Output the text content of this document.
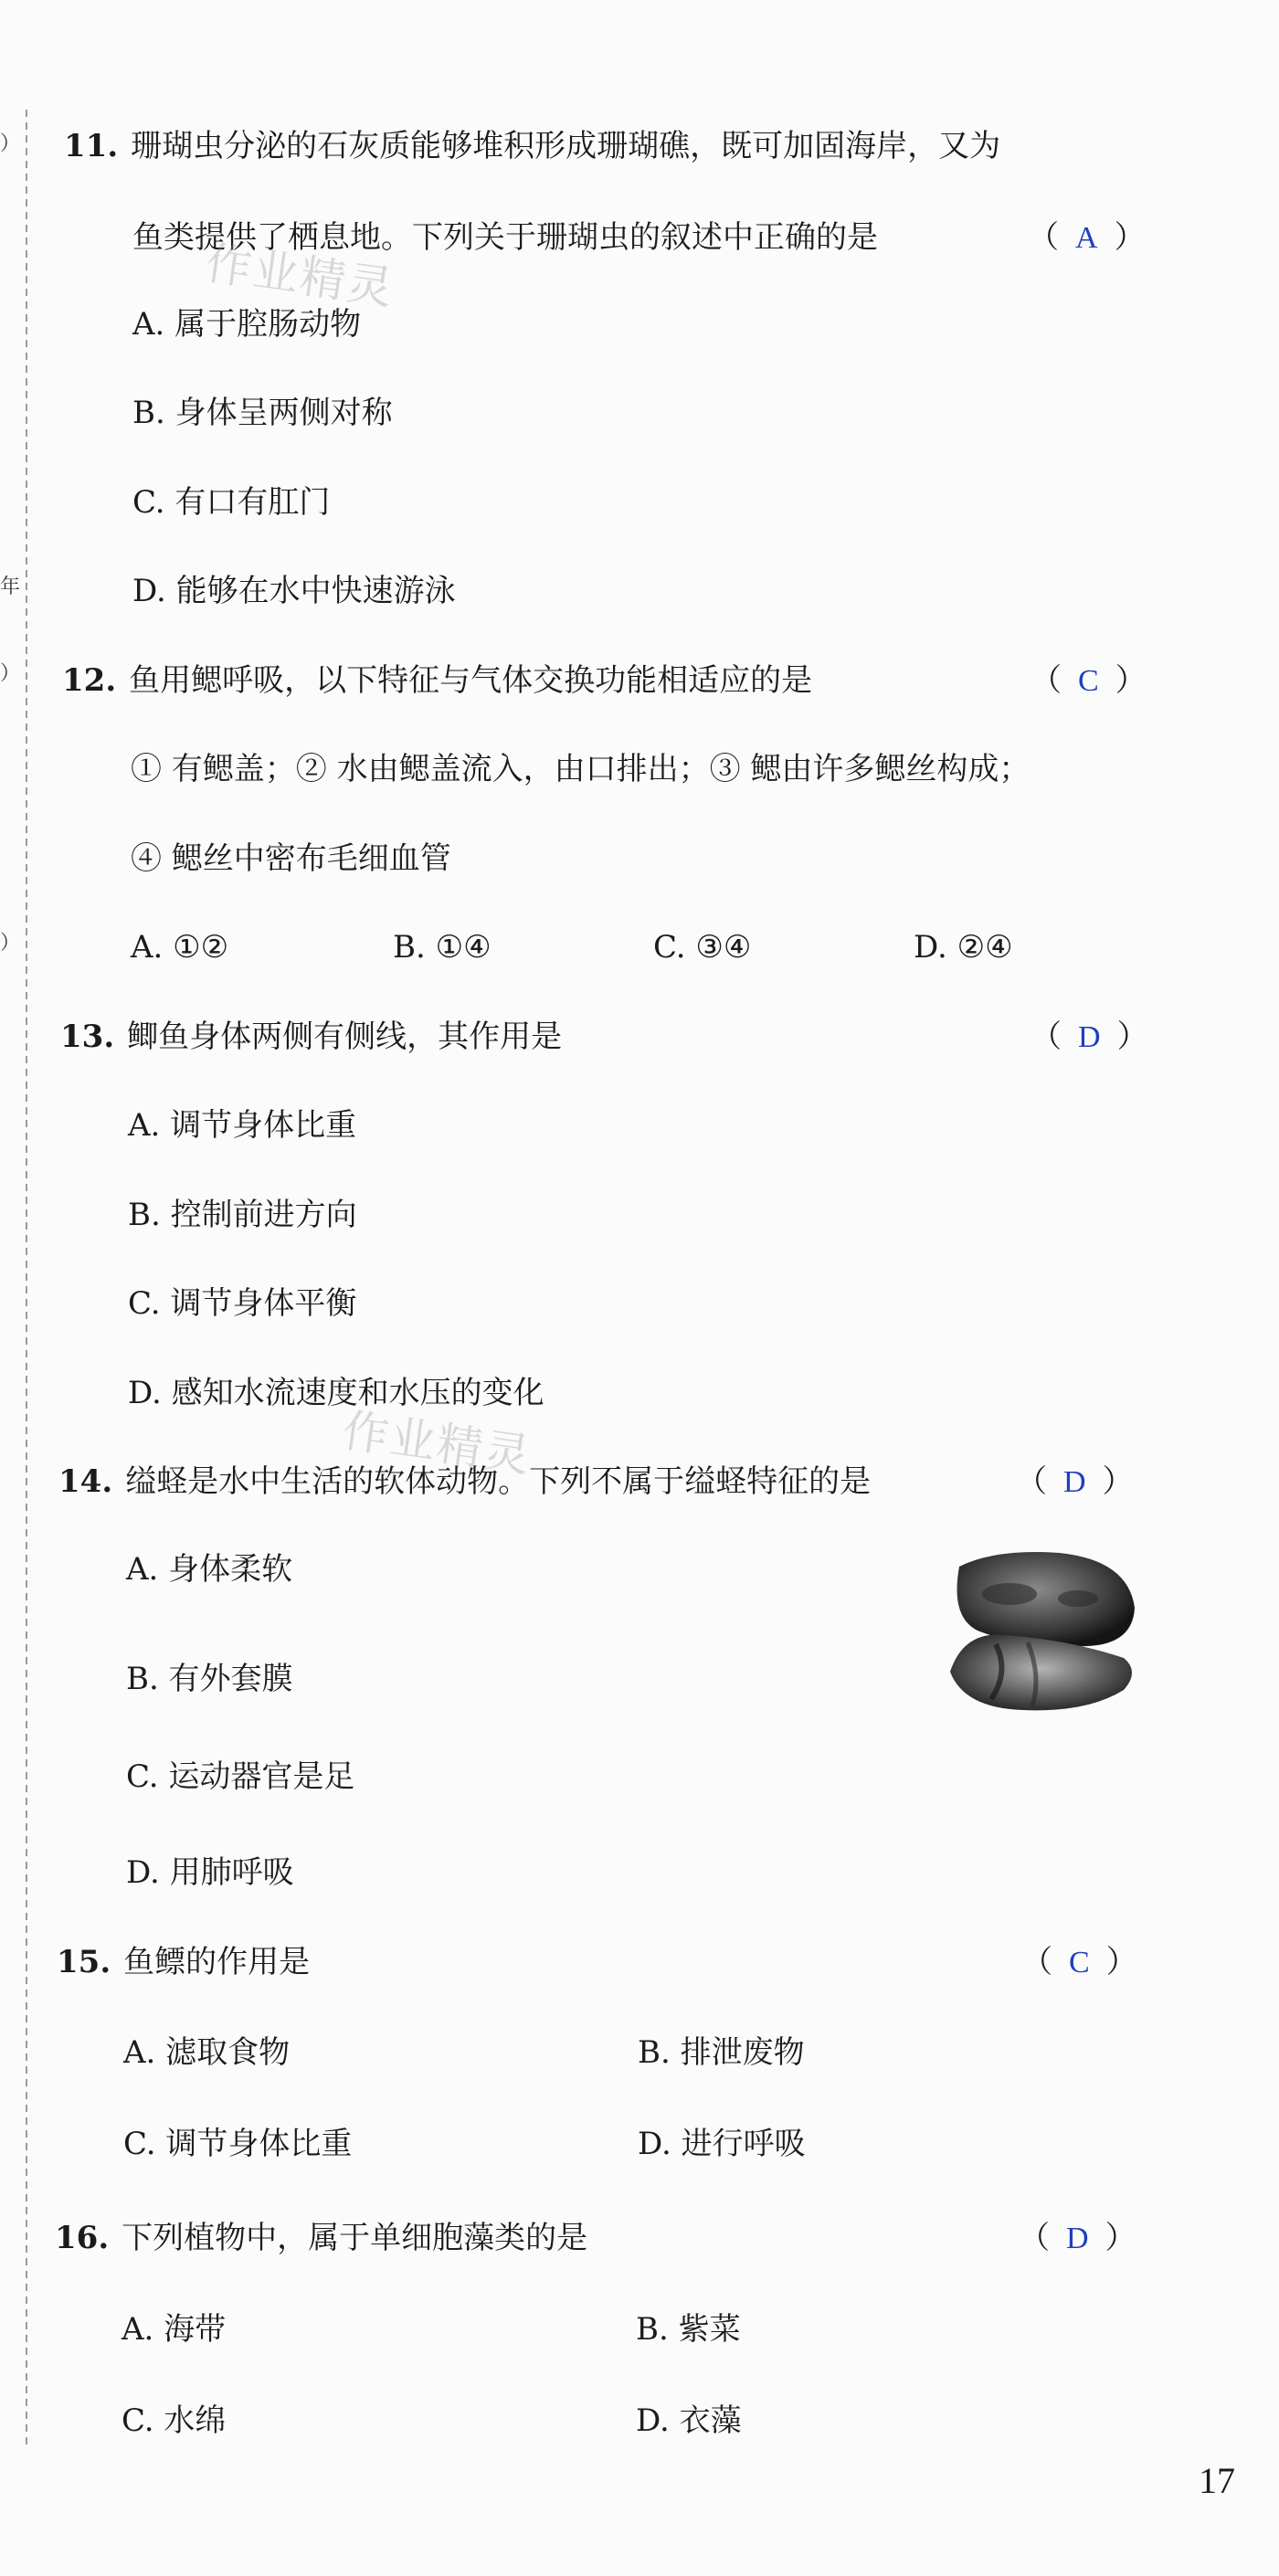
）
年
）
）
11. 珊瑚虫分泌的石灰质能够堆积形成珊瑚礁，既可加固海岸，又为
鱼类提供了栖息地。下列关于珊瑚虫的叙述中正确的是	（ A ）
A. 属于腔肠动物
B. 身体呈两侧对称
C. 有口有肛门
D. 能够在水中快速游泳
12. 鱼用鳃呼吸，以下特征与气体交换功能相适应的是	（ C ）
① 有鳃盖；② 水由鳃盖流入，由口排出；③ 鳃由许多鳃丝构成；
④ 鳃丝中密布毛细血管
A. ①②	B. ①④	C. ③④	D. ②④
13. 鲫鱼身体两侧有侧线，其作用是	（ D ）
A. 调节身体比重
B. 控制前进方向
C. 调节身体平衡
D. 感知水流速度和水压的变化
14. 缢蛏是水中生活的软体动物。下列不属于缢蛏特征的是	（ D ）
A. 身体柔软
B. 有外套膜
C. 运动器官是足
D. 用肺呼吸
15. 鱼鳔的作用是	（ C ）
A. 滤取食物	B. 排泄废物
C. 调节身体比重	D. 进行呼吸
16. 下列植物中，属于单细胞藻类的是	（ D ）
A. 海带	B. 紫菜
C. 水绵	D. 衣藻
作业精灵
作业精灵
17
